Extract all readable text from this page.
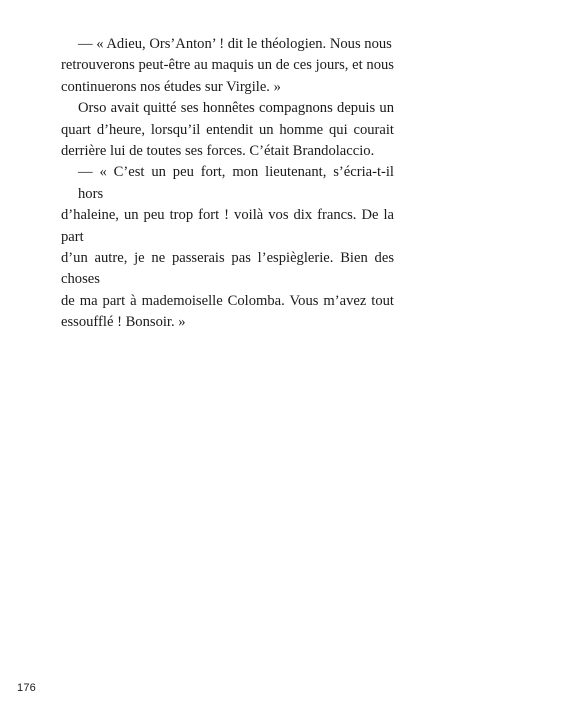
— « Adieu, Ors’Anton’ ! dit le théologien. Nous nous
retrouverons peut-être au maquis un de ces jours, et nous
continuerons nos études sur Virgile. »
Orso avait quitté ses honnêtes compagnons depuis un
quart d’heure, lorsqu’il entendit un homme qui courait
derrière lui de toutes ses forces. C’était Brandolaccio.
— « C’est un peu fort, mon lieutenant, s’écria-t-il hors
d’haleine, un peu trop fort ! voilà vos dix francs. De la part
d’un autre, je ne passerais pas l’espièglerie. Bien des choses
de ma part à mademoiselle Colomba. Vous m’avez tout
essoufflé ! Bonsoir. »
176
